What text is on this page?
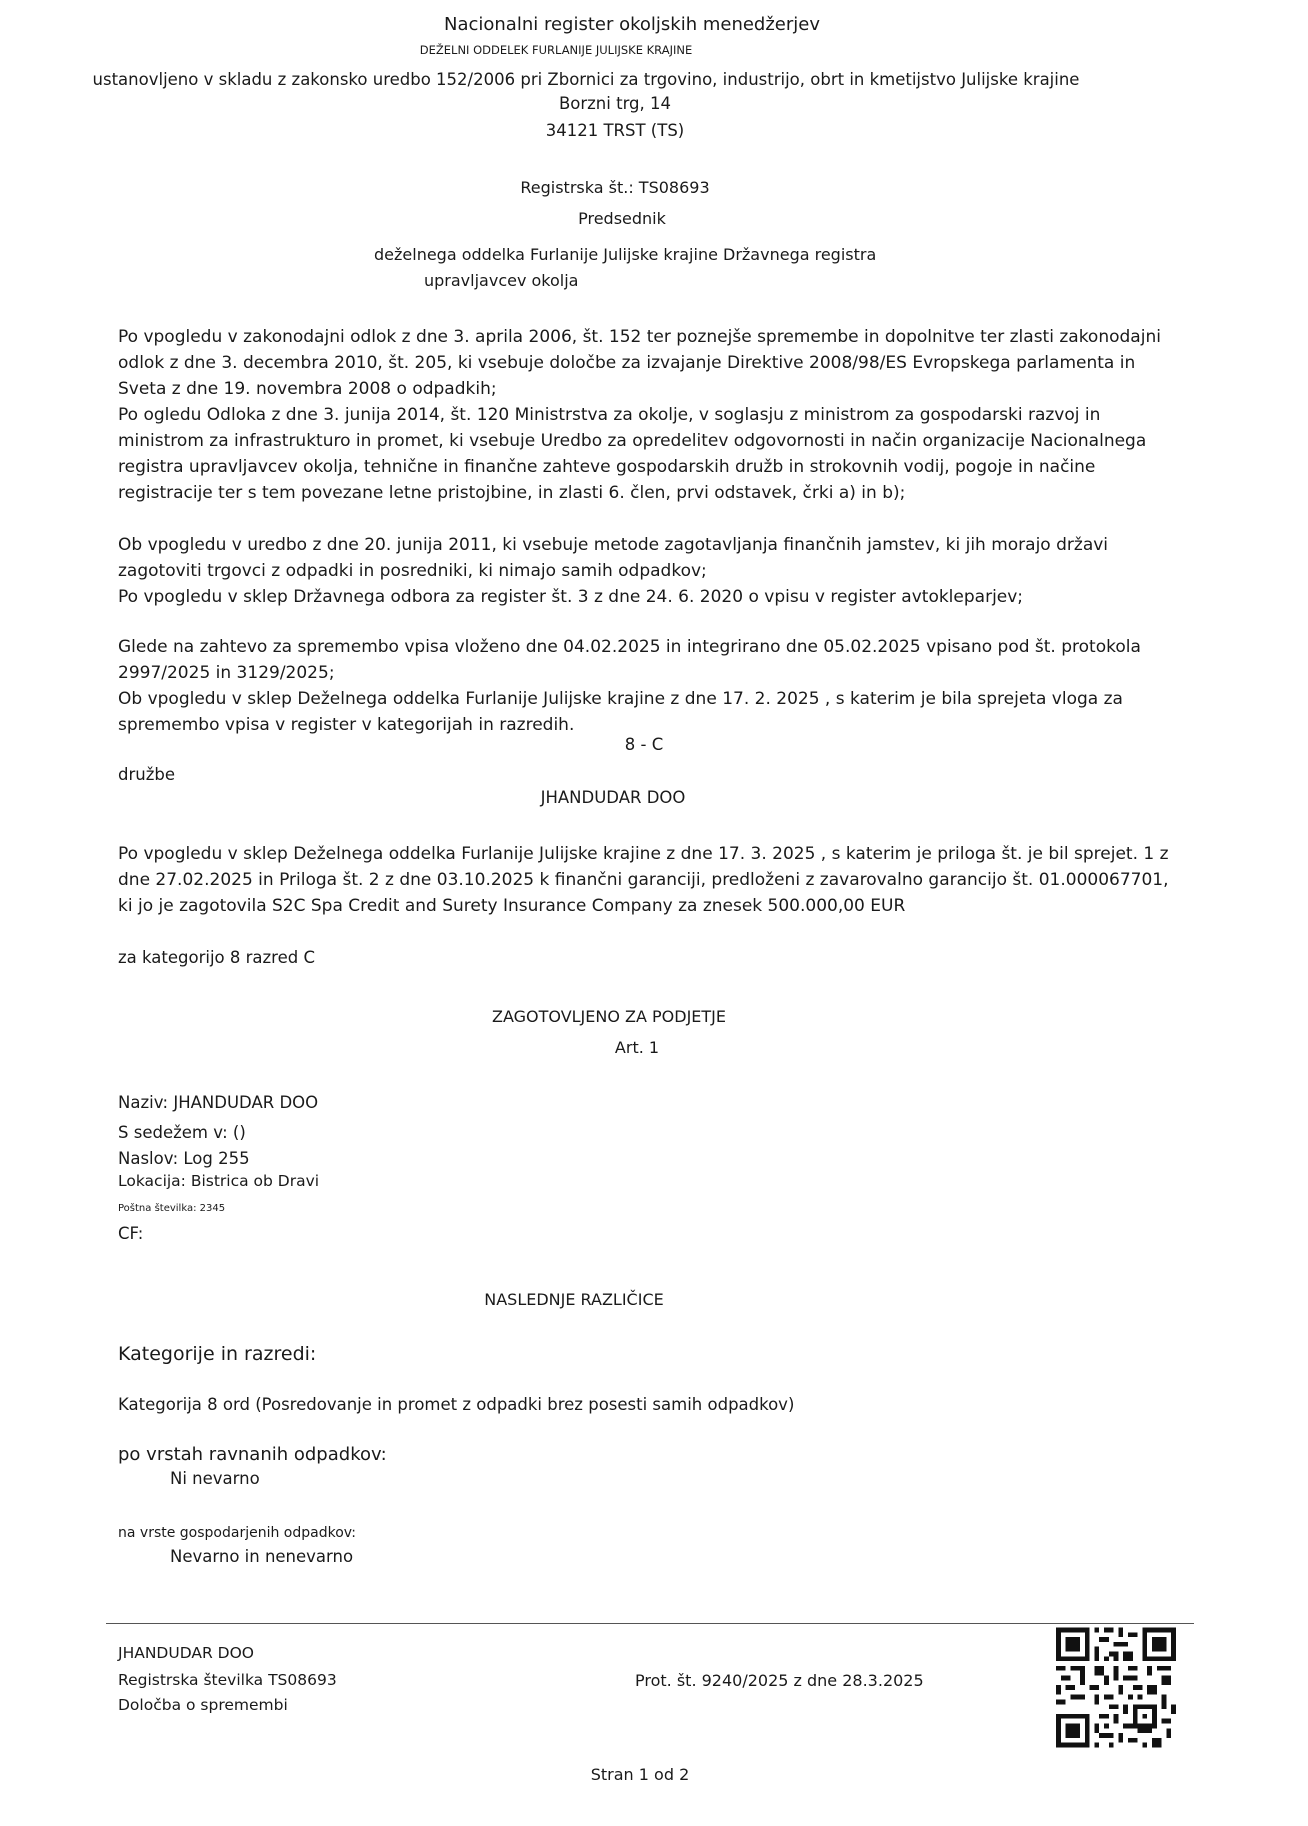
Nacionalni register okoljskih menedžerjev
DEŽELNI ODDELEK FURLANIJE JULIJSKE KRAJINE
ustanovljeno v skladu z zakonsko uredbo 152/2006 pri Zbornici za trgovino, industrijo, obrt in kmetijstvo Julijske krajine
Borzni trg, 14
34121 TRST (TS)
Registrska št.: TS08693
Predsednik
deželnega oddelka Furlanije Julijske krajine Državnega registra
upravljavcev okolja

Po vpogledu v zakonodajni odlok z dne 3. aprila 2006, št. 152 ter poznejše spremembe in dopolnitve ter zlasti zakonodajni odlok z dne 3. decembra 2010, št. 205, ki vsebuje določbe za izvajanje Direktive 2008/98/ES Evropskega parlamenta in Sveta z dne 19. novembra 2008 o odpadkih;

Po ogledu Odloka z dne 3. junija 2014, št. 120 Ministrstva za okolje, v soglasju z ministrom za gospodarski razvoj in ministrom za infrastrukturo in promet, ki vsebuje Uredbo za opredelitev odgovornosti in način organizacije Nacionalnega registra upravljavcev okolja, tehnične in finančne zahteve gospodarskih družb in strokovnih vodij, pogoje in načine registracije ter s tem povezane letne pristojbine, in zlasti 6. člen, prvi odstavek, črki a) in b);

Ob vpogledu v uredbo z dne 20. junija 2011, ki vsebuje metode zagotavljanja finančnih jamstev, ki jih morajo državi zagotoviti trgovci z odpadki in posredniki, ki nimajo samih odpadkov;

Po vpogledu v sklep Državnega odbora za register št. 3 z dne 24. 6. 2020 o vpisu v register avtokleparjev;

Glede na zahtevo za spremembo vpisa vloženo dne 04.02.2025 in integrirano dne 05.02.2025 vpisano pod št. protokola 2997/2025 in 3129/2025;

Ob vpogledu v sklep Deželnega oddelka Furlanije Julijske krajine z dne 17. 2. 2025 , s katerim je bila sprejeta vloga za spremembo vpisa v register v kategorijah in razredih.

8 - C
družbe
JHANDUDAR DOO

Po vpogledu v sklep Deželnega oddelka Furlanije Julijske krajine z dne 17. 3. 2025 , s katerim je priloga št. je bil sprejet. 1 z dne 27.02.2025 in Priloga št. 2 z dne 03.10.2025 k finančni garanciji, predloženi z zavarovalno garancijo št. 01.000067701, ki jo je zagotovila S2C Spa Credit and Surety Insurance Company za znesek 500.000,00 EUR

za kategorijo 8 razred C
ZAGOTOVLJENO ZA PODJETJE
Art. 1
Naziv: JHANDUDAR DOO
S sedežem v: ()
Naslov: Log 255
Lokacija: Bistrica ob Dravi
Poštna številka: 2345
CF:
NASLEDNJE RAZLIČICE
Kategorije in razredi:
Kategorija 8 ord (Posredovanje in promet z odpadki brez posesti samih odpadkov)
po vrstah ravnanih odpadkov:
Ni nevarno
na vrste gospodarjenih odpadkov:
Nevarno in nenevarno
JHANDUDAR DOO
Registrska številka TS08693
Določba o spremembi
Prot. št. 9240/2025 z dne 28.3.2025
Stran 1 od 2
